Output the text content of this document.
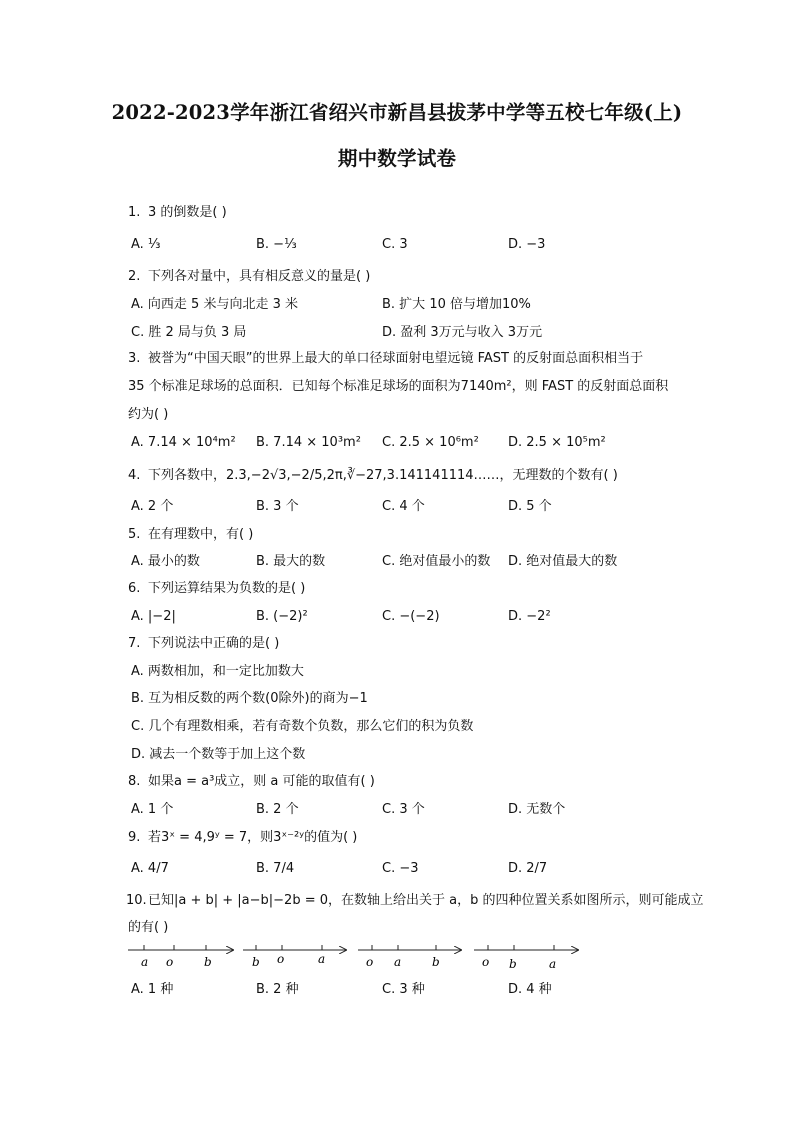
2022-2023学年浙江省绍兴市新昌县拔茅中学等五校七年级(上)
期中数学试卷
1. 3 的倒数是( )
A. ⅓	B. −⅓	C. 3	D. −3
2. 下列各对量中，具有相反意义的量是( )
A. 向西走 5 米与向北走 3 米	B. 扩大 10 倍与增加10%
C. 胜 2 局与负 3 局	D. 盈利 3万元与收入 3万元
3. 被誉为“中国天眼”的世界上最大的单口径球面射电望远镜 FAST 的反射面总面积相当于
35 个标准足球场的总面积．已知每个标准足球场的面积为7140m²，则 FAST 的反射面总面积
约为( )
A. 7.14 × 10⁴m² B. 7.14 × 10³m² C. 2.5 × 10⁶m² D. 2.5 × 10⁵m²
4. 下列各数中，2.3,−2√3,−2/5,2π,∛−27,3.141141114……，无理数的个数有( )
A. 2 个	B. 3 个	C. 4 个	D. 5 个
5. 在有理数中，有( )
A. 最小的数	B. 最大的数	C. 绝对值最小的数 D. 绝对值最大的数
6. 下列运算结果为负数的是( )
A. |−2|	B. (−2)²	C. −(−2)	D. −2²
7. 下列说法中正确的是( )
A. 两数相加，和一定比加数大
B. 互为相反数的两个数(0除外)的商为−1
C. 几个有理数相乘，若有奇数个负数，那么它们的积为负数
D. 减去一个数等于加上这个数
8. 如果a = a³成立，则 a 可能的取值有( )
A. 1 个	B. 2 个	C. 3 个	D. 无数个
9. 若3ˣ = 4,9ʸ = 7，则3ˣ⁻²ʸ的值为( )
A. 4/7	B. 7/4	C. −3	D. 2/7
10.已知|a + b| + |a−b|−2b = 0，在数轴上给出关于 a，b 的四种位置关系如图所示，则可能成立
的有( )
a o	b	b o	a	o a	b	o b	a
A. 1 种	B. 2 种	C. 3 种	D. 4 种
